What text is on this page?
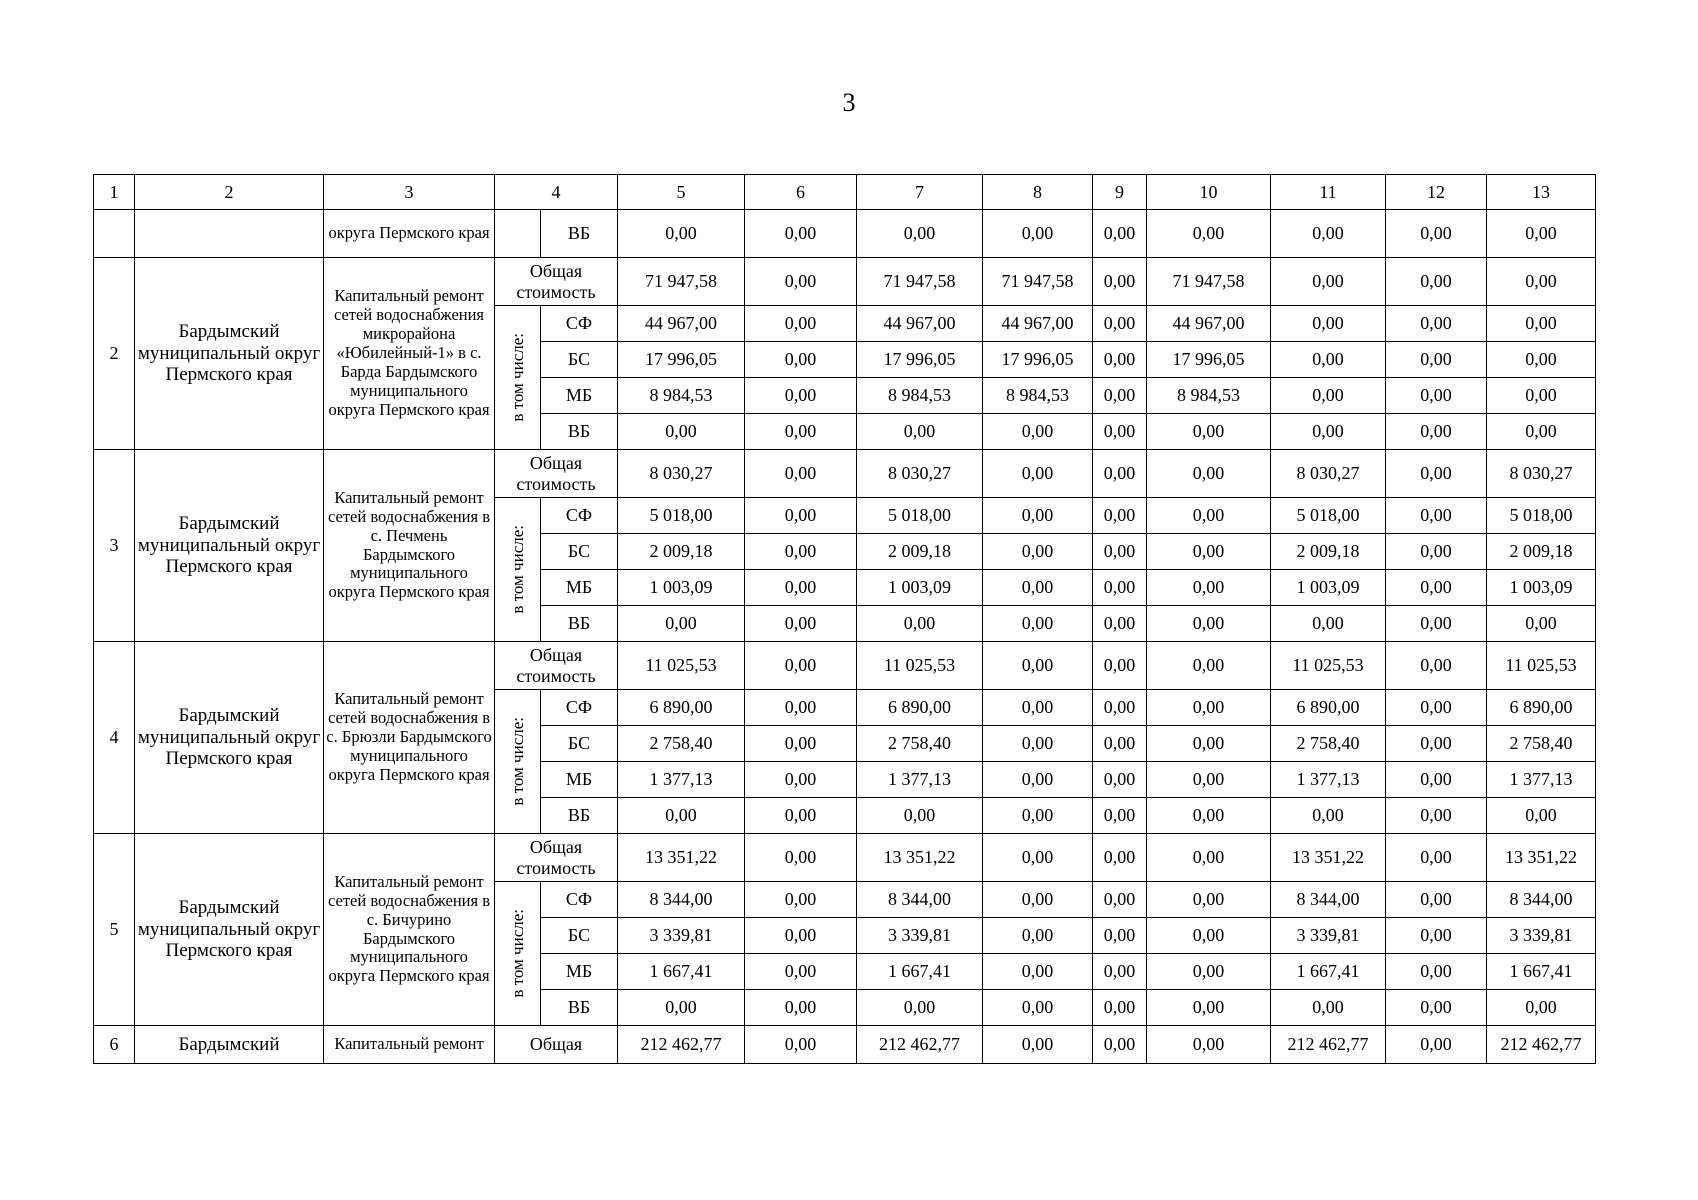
3
1	2	3	4		5	6	7	8	9	10	11	12	13
		округа Пермского края		ВБ	0,00	0,00	0,00	0,00	0,00	0,00	0,00	0,00	0,00
2	Бардымский муниципальный округ Пермского края	Капитальный ремонт сетей водоснабжения микрорайона «Юбилейный-1» в с. Барда Бардымского муниципального округа Пермского края	Общая стоимость		71 947,58	0,00	71 947,58	71 947,58	0,00	71 947,58	0,00	0,00	0,00

			в том числе:	СФ	44 967,00	0,00	44 967,00	44 967,00	0,00	44 967,00	0,00	0,00	0,00
				БС	17 996,05	0,00	17 996,05	17 996,05	0,00	17 996,05	0,00	0,00	0,00
				МБ	8 984,53	0,00	8 984,53	8 984,53	0,00	8 984,53	0,00	0,00	0,00
				ВБ	0,00	0,00	0,00	0,00	0,00	0,00	0,00	0,00	0,00
3	Бардымский муниципальный округ Пермского края	Капитальный ремонт сетей водоснабжения в с. Печмень Бардымского муниципального округа Пермского края	Общая стоимость		8 030,27	0,00	8 030,27	0,00	0,00	0,00	8 030,27	0,00	8 030,27

			в том числе:	СФ	5 018,00	0,00	5 018,00	0,00	0,00	0,00	5 018,00	0,00	5 018,00
				БС	2 009,18	0,00	2 009,18	0,00	0,00	0,00	2 009,18	0,00	2 009,18
				МБ	1 003,09	0,00	1 003,09	0,00	0,00	0,00	1 003,09	0,00	1 003,09
				ВБ	0,00	0,00	0,00	0,00	0,00	0,00	0,00	0,00	0,00
4	Бардымский муниципальный округ Пермского края	Капитальный ремонт сетей водоснабжения в с. Брюзли Бардымского муниципального округа Пермского края	Общая стоимость		11 025,53	0,00	11 025,53	0,00	0,00	0,00	11 025,53	0,00	11 025,53

			в том числе:	СФ	6 890,00	0,00	6 890,00	0,00	0,00	0,00	6 890,00	0,00	6 890,00
				БС	2 758,40	0,00	2 758,40	0,00	0,00	0,00	2 758,40	0,00	2 758,40
				МБ	1 377,13	0,00	1 377,13	0,00	0,00	0,00	1 377,13	0,00	1 377,13
				ВБ	0,00	0,00	0,00	0,00	0,00	0,00	0,00	0,00	0,00
5	Бардымский муниципальный округ Пермского края	Капитальный ремонт сетей водоснабжения в с. Бичурино Бардымского муниципального округа Пермского края	Общая стоимость		13 351,22	0,00	13 351,22	0,00	0,00	0,00	13 351,22	0,00	13 351,22

			в том числе:	СФ	8 344,00	0,00	8 344,00	0,00	0,00	0,00	8 344,00	0,00	8 344,00
				БС	3 339,81	0,00	3 339,81	0,00	0,00	0,00	3 339,81	0,00	3 339,81
				МБ	1 667,41	0,00	1 667,41	0,00	0,00	0,00	1 667,41	0,00	1 667,41
				ВБ	0,00	0,00	0,00	0,00	0,00	0,00	0,00	0,00	0,00
6	Бардымский	Капитальный ремонт	Общая		212 462,77	0,00	212 462,77	0,00	0,00	0,00	212 462,77	0,00	212 462,77
